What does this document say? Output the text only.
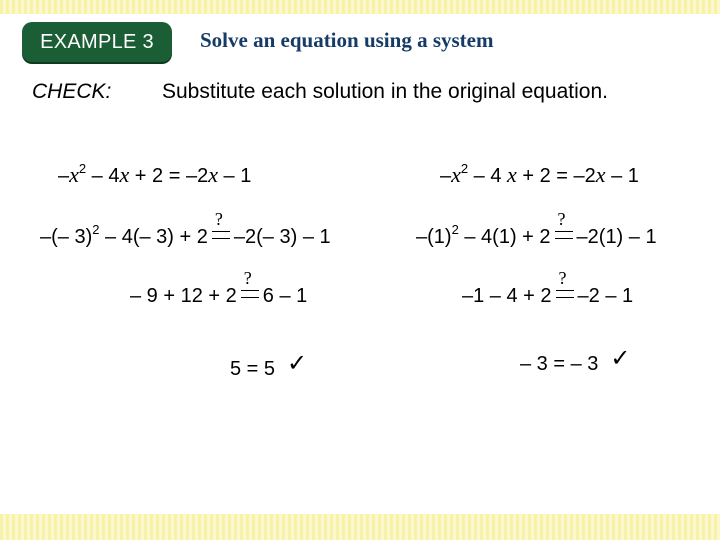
EXAMPLE 3 Solve an equation using a system
CHECK: Substitute each solution in the original equation.
$-x^2 - 4x + 2 = -2x - 1$
–(– 3)$^2$ – 4(– 3) + 2
?
–2(– 3) – 1
– 9 + 12 + 2
?
6 – 1
5 = 5 ✓
$-x^2 - 4$ x + 2 = –2x – 1
$-(1)^2 - 4(1) + 2$
?
–2(1) – 1
–1 – 4 + 2
?
–2 – 1
– 3 = – 3 ✓
